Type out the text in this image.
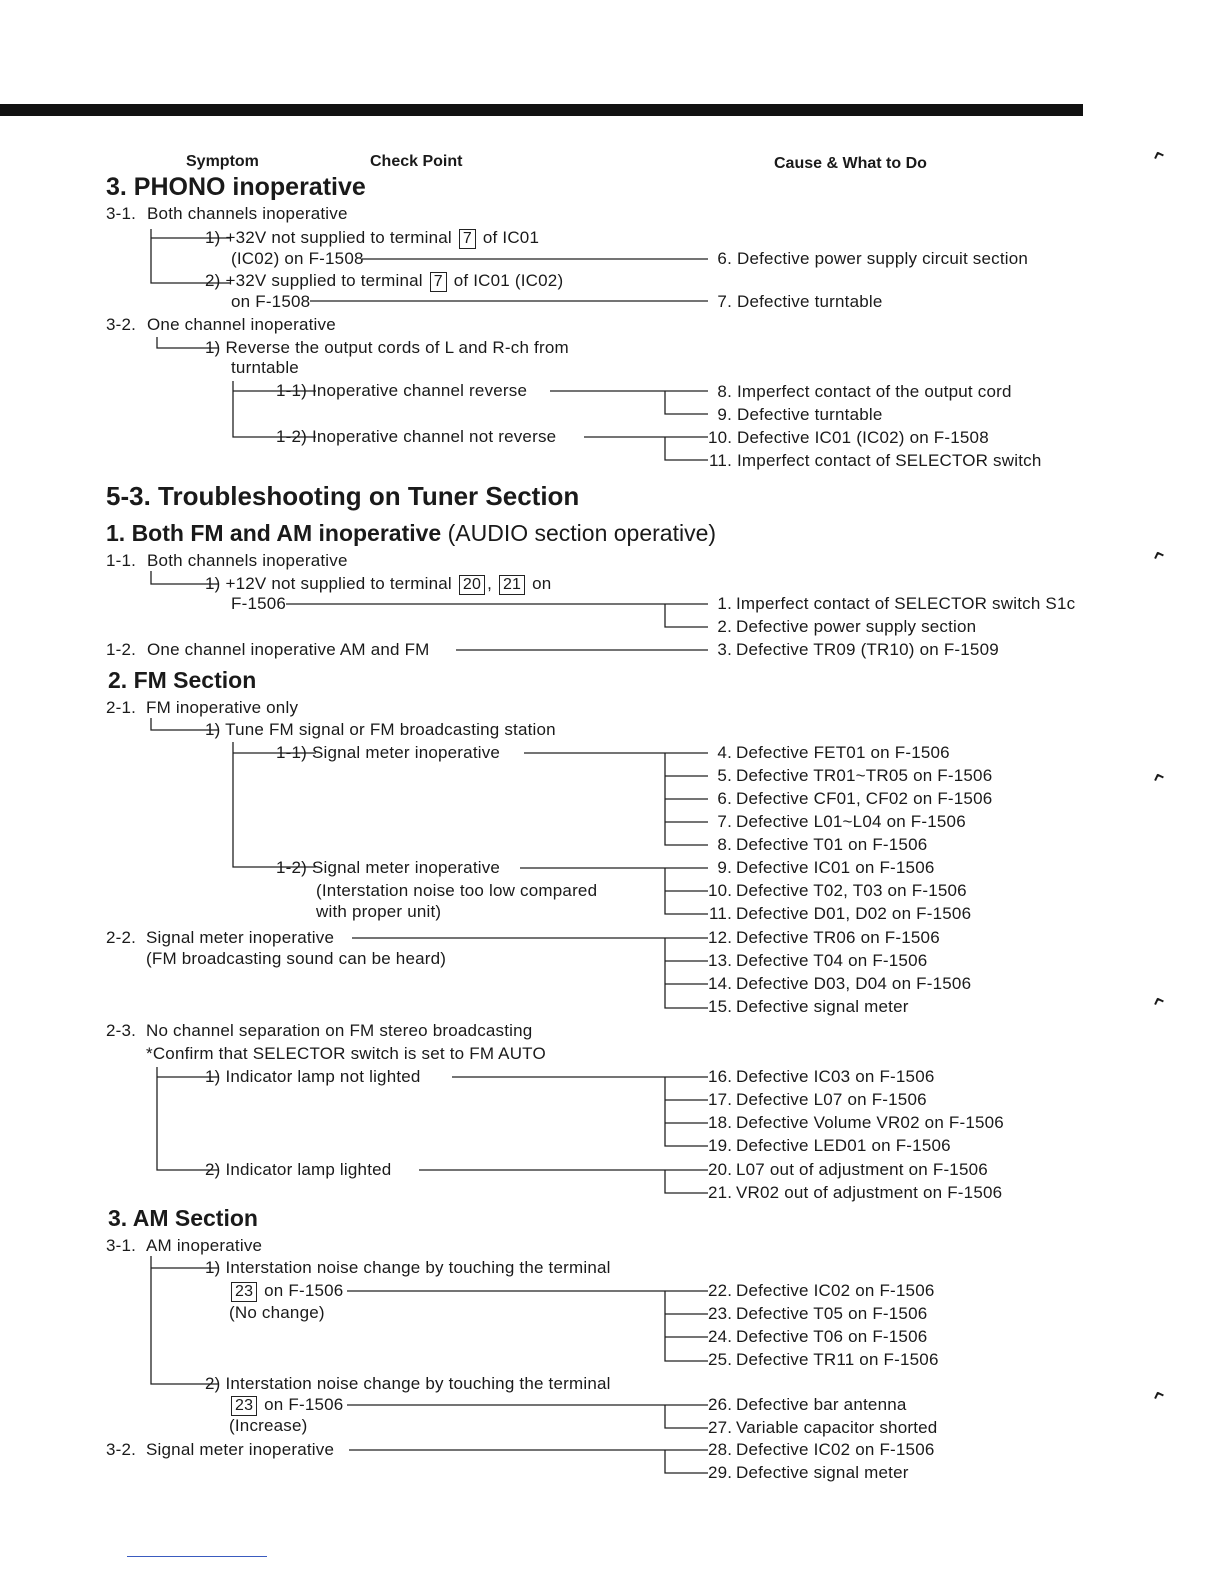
⌃
⌃
⌃
⌃
⌃
Symptom	Check Point	Cause & What to Do
3. PHONO inoperative
3-1. Both channels inoperative
1) +32V not supplied to terminal 7 of IC01
(IC02) on F-1508
2) +32V supplied to terminal 7 of IC01 (IC02)
on F-1508
3-2. One channel inoperative
1) Reverse the output cords of L and R-ch from
turntable
1-1) Inoperative channel reverse
1-2) Inoperative channel not reverse
6. Defective power supply circuit section
7. Defective turntable
8. Imperfect contact of the output cord
9. Defective turntable
10. Defective IC01 (IC02) on F-1508
11. Imperfect contact of SELECTOR switch
5-3. Troubleshooting on Tuner Section
1. Both FM and AM inoperative (AUDIO section operative)
1-1. Both channels inoperative
1) +12V not supplied to terminal 20 , 21 on
F-1506
1-2. One channel inoperative AM and FM
2. FM Section
2-1. FM inoperative only
1) Tune FM signal or FM broadcasting station
1-1) Signal meter inoperative
1-2) Signal meter inoperative
(Interstation noise too low compared
with proper unit)
2-2. Signal meter inoperative
(FM broadcasting sound can be heard)
2-3. No channel separation on FM stereo broadcasting
*Confirm that SELECTOR switch is set to FM AUTO
1) Indicator lamp not lighted
2) Indicator lamp lighted
3. AM Section
3-1. AM inoperative
1) Interstation noise change by touching the terminal
23 on F-1506
(No change)
2) Interstation noise change by touching the terminal
23 on F-1506
(Increase)
3-2. Signal meter inoperative
1. Imperfect contact of SELECTOR switch S1c
2. Defective power supply section
3. Defective TR09 (TR10) on F-1509
4. Defective FET01 on F-1506
5. Defective TR01~TR05 on F-1506
6. Defective CF01, CF02 on F-1506
7. Defective L01~L04 on F-1506
8. Defective T01 on F-1506
9. Defective IC01 on F-1506
10. Defective T02, T03 on F-1506
11. Defective D01, D02 on F-1506
12. Defective TR06 on F-1506
13. Defective T04 on F-1506
14. Defective D03, D04 on F-1506
15. Defective signal meter
16. Defective IC03 on F-1506
17. Defective L07 on F-1506
18. Defective Volume VR02 on F-1506
19. Defective LED01 on F-1506
20. L07 out of adjustment on F-1506
21. VR02 out of adjustment on F-1506
22. Defective IC02 on F-1506
23. Defective T05 on F-1506
24. Defective T06 on F-1506
25. Defective TR11 on F-1506
26. Defective bar antenna
27. Variable capacitor shorted
28. Defective IC02 on F-1506
29. Defective signal meter
